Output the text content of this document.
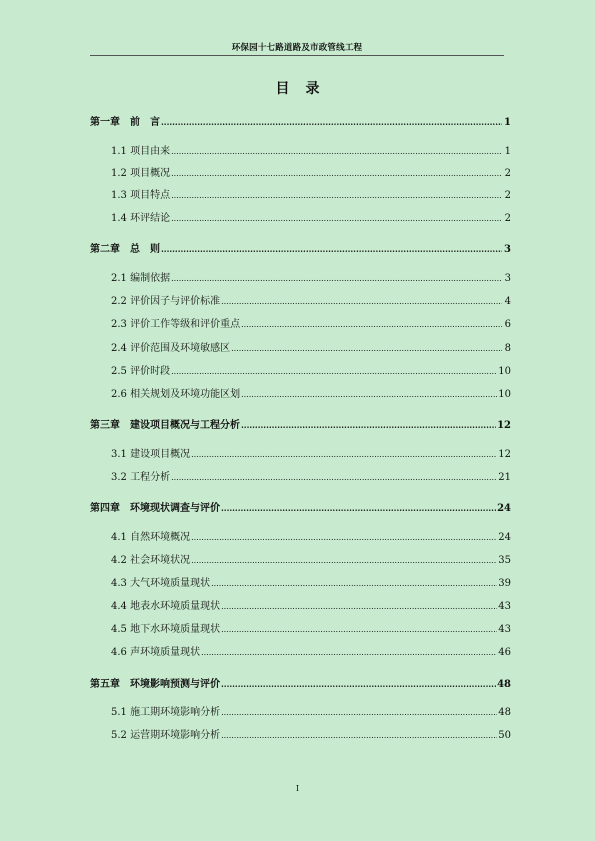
环保园十七路道路及市政管线工程
目录
第一章　前　言 .....	1
1.1 项目由来 .....	1
1.2 项目概况 .....	2
1.3 项目特点 .....	2
1.4 环评结论 .....	2
第二章　总　则 .....	3
2.1 编制依据 .....	3
2.2 评价因子与评价标准 .....	4
2.3 评价工作等级和评价重点 .....	6
2.4 评价范围及环境敏感区 .....	8
2.5 评价时段 .....	10
2.6 相关规划及环境功能区划 .....	10
第三章　建设项目概况与工程分析 .....	12
3.1 建设项目概况 .....	12
3.2 工程分析 .....	21
第四章　环境现状调查与评价 .....	24
4.1 自然环境概况 .....	24
4.2 社会环境状况 .....	35
4.3 大气环境质量现状 .....	39
4.4 地表水环境质量现状 .....	43
4.5 地下水环境质量现状 .....	43
4.6 声环境质量现状 .....	46
第五章　环境影响预测与评价 .....	48
5.1 施工期环境影响分析 .....	48
5.2 运营期环境影响分析 .....	50
I
